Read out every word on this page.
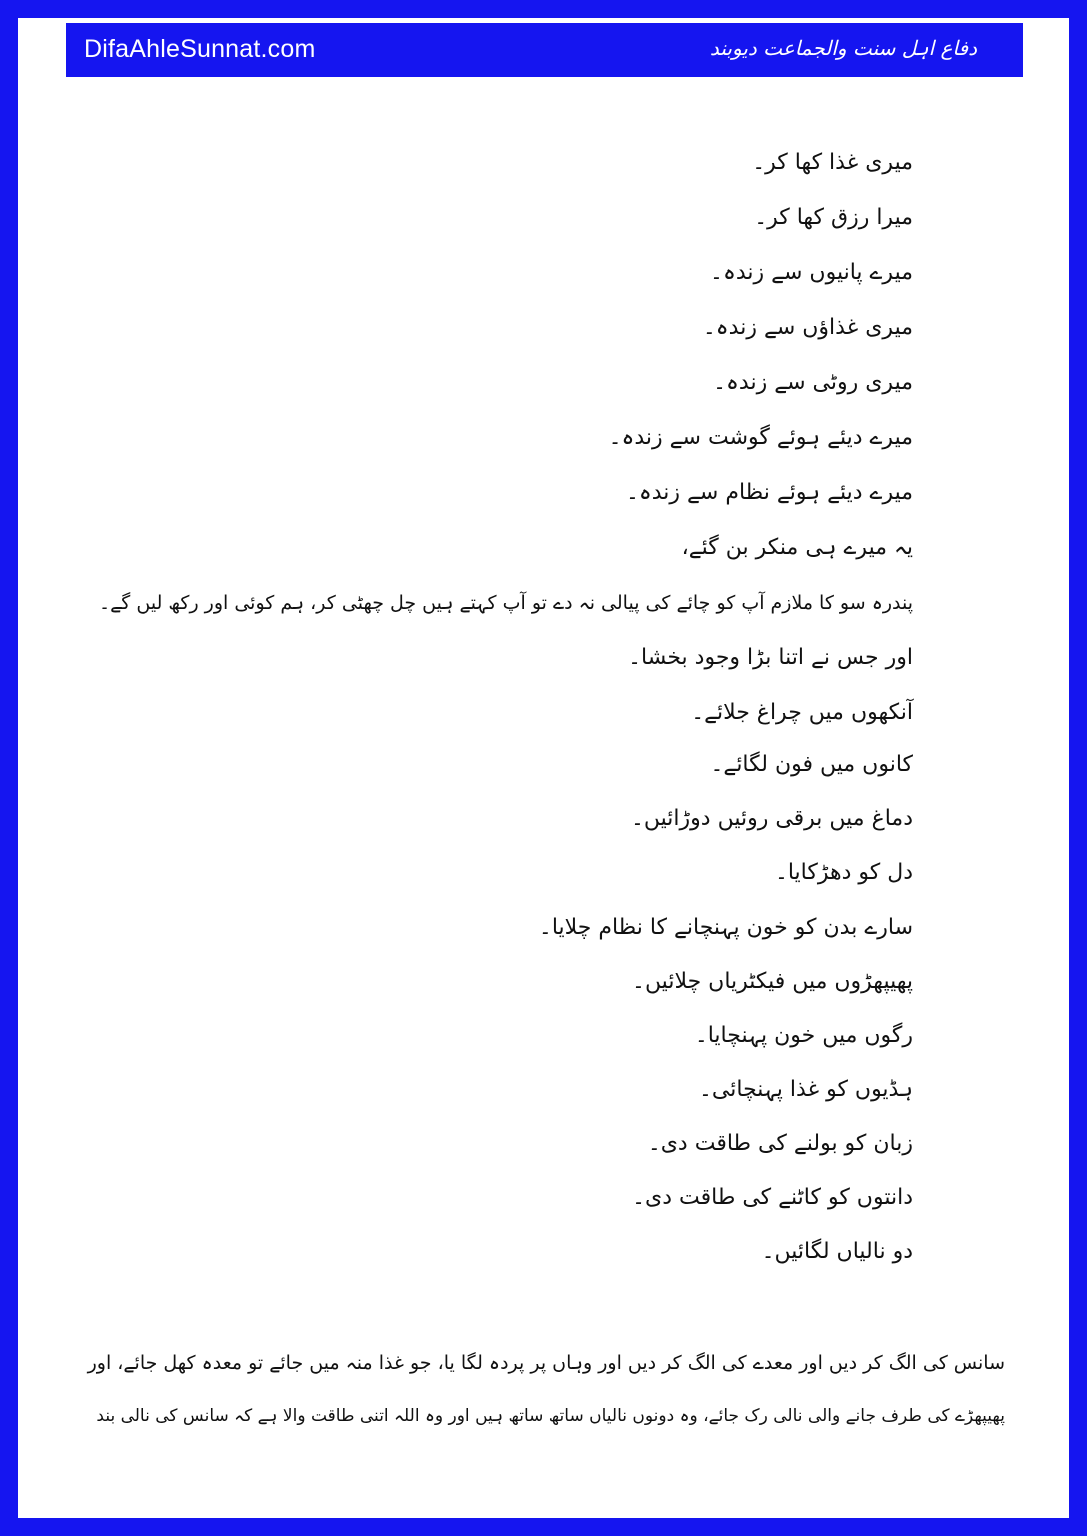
DifaAhleSunnat.com	دفاع اہل سنت والجماعت دیوبند
میری غذا کھا کر۔
میرا رزق کھا کر۔
میرے پانیوں سے زندہ۔
میری غذاؤں سے زندہ۔
میری روٹی سے زندہ۔
میرے دیئے ہوئے گوشت سے زندہ۔
میرے دیئے ہوئے نظام سے زندہ۔
یہ میرے ہی منکر بن گئے،
پندرہ سو کا ملازم آپ کو چائے کی پیالی نہ دے تو آپ کہتے ہیں چل چھٹی کر، ہم کوئی اور رکھ لیں گے۔
اور جس نے اتنا بڑا وجود بخشا۔
آنکھوں میں چراغ جلائے۔
کانوں میں فون لگائے۔
دماغ میں برقی روئیں دوڑائیں۔
دل کو دھڑکایا۔
سارے بدن کو خون پہنچانے کا نظام چلایا۔
پھیپھڑوں میں فیکٹریاں چلائیں۔
رگوں میں خون پہنچایا۔
ہڈیوں کو غذا پہنچائی۔
زبان کو بولنے کی طاقت دی۔
دانتوں کو کاٹنے کی طاقت دی۔
دو نالیاں لگائیں۔
سانس کی الگ کر دیں اور معدے کی الگ کر دیں اور وہاں پر پردہ لگا یا، جو غذا منہ میں جائے تو معدہ کھل جائے، اور
پھیپھڑے کی طرف جانے والی نالی رک جائے، وہ دونوں نالیاں ساتھ ساتھ ہیں اور وہ اللہ اتنی طاقت والا ہے کہ سانس کی نالی بند
